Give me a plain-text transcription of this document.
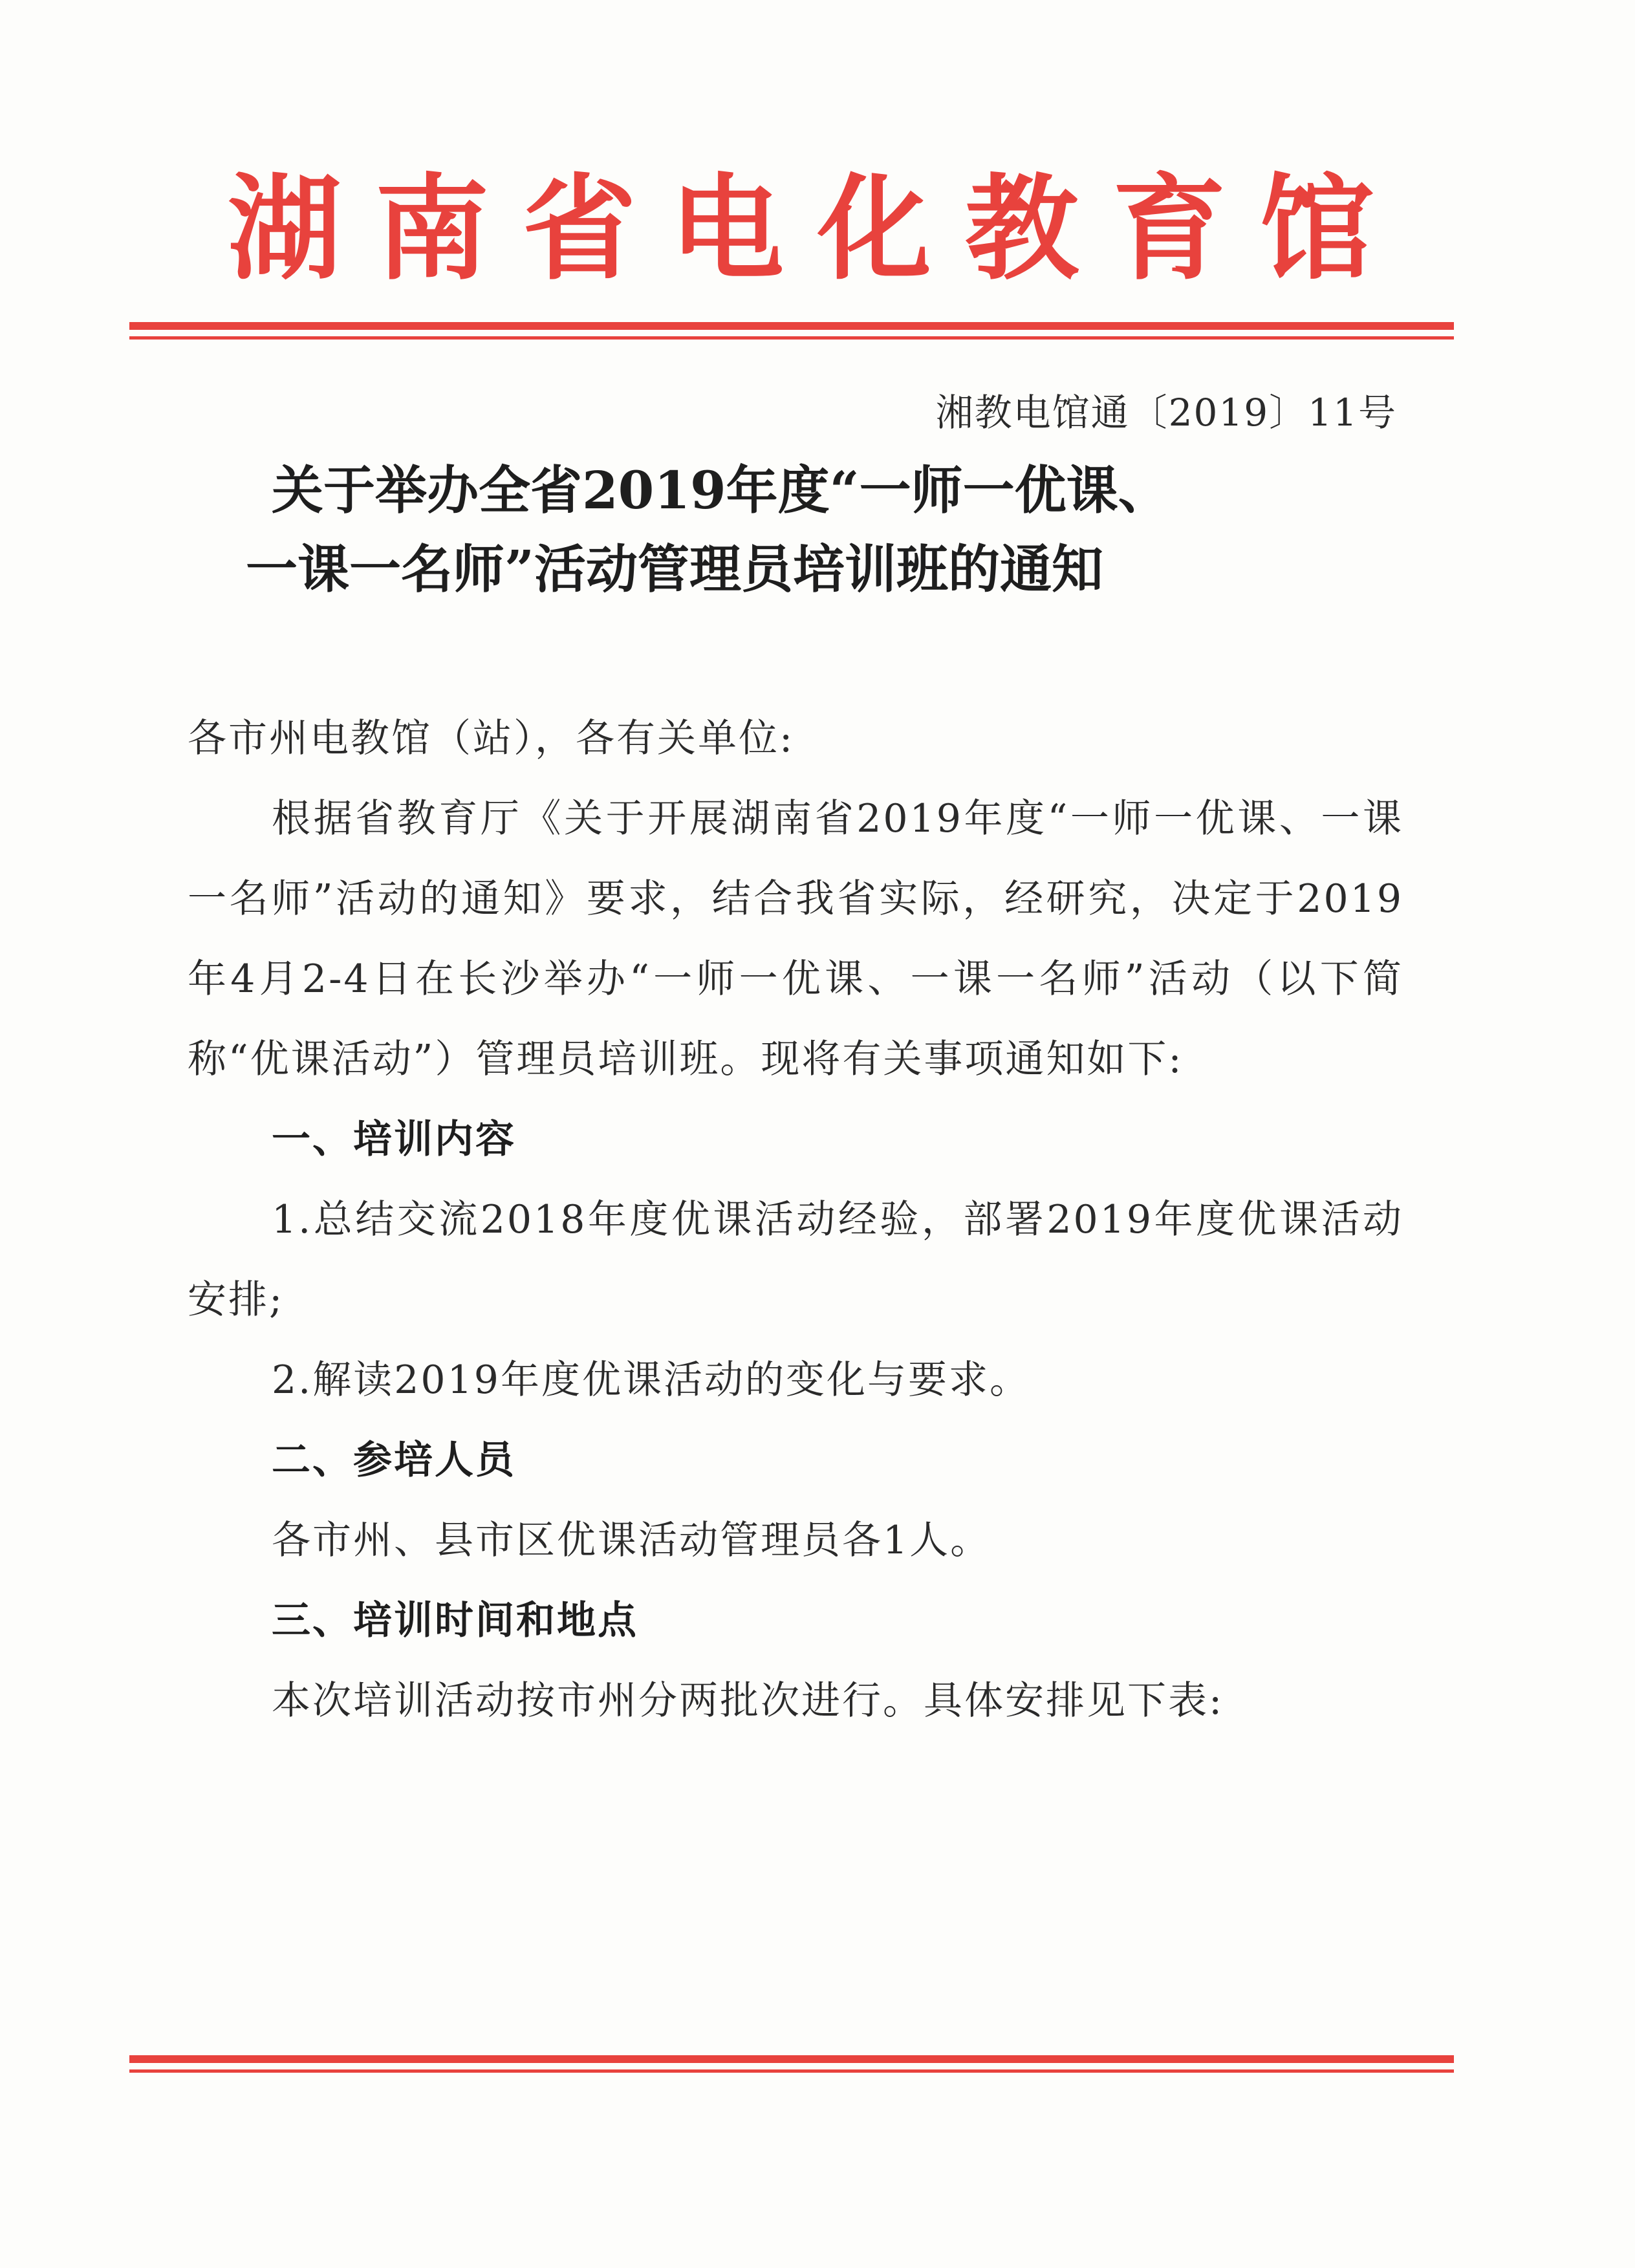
湖南省电化教育馆
湘教电馆通〔2019〕11号
关于举办全省2019年度“一师一优课、
一课一名师”活动管理员培训班的通知

各市州电教馆（站），各有关单位:

根据省教育厅《关于开展湖南省2019年度“一师一优课、一课一名师”活动的通知》要求，结合我省实际，经研究，决定于2019年4月2-4日在长沙举办“一师一优课、一课一名师”活动（以下简称“优课活动”）管理员培训班。现将有关事项通知如下:

一、培训内容

1.总结交流2018年度优课活动经验，部署2019年度优课活动安排;

2.解读2019年度优课活动的变化与要求。

二、参培人员

各市州、县市区优课活动管理员各1人。

三、培训时间和地点

本次培训活动按市州分两批次进行。具体安排见下表:
